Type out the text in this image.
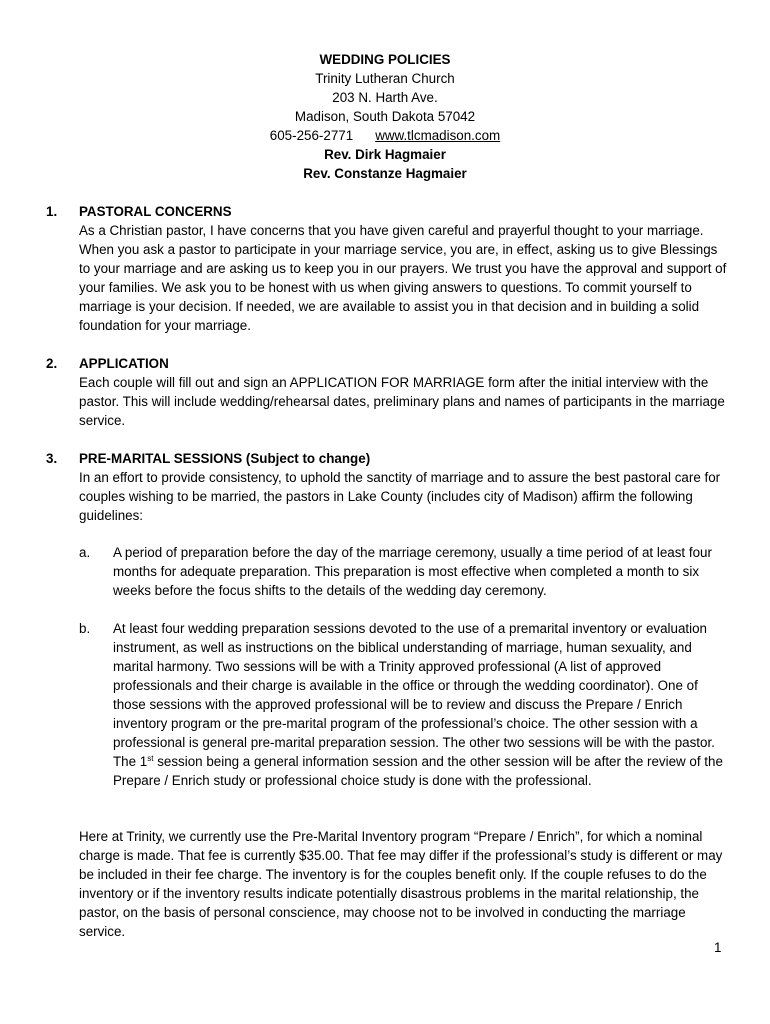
WEDDING POLICIES
Trinity Lutheran Church
203 N. Harth Ave.
Madison, South Dakota 57042
605-256-2771 www.tlcmadison.com
Rev. Dirk Hagmaier
Rev. Constanze Hagmaier
1. PASTORAL CONCERNS
As a Christian pastor, I have concerns that you have given careful and prayerful thought to your marriage. When you ask a pastor to participate in your marriage service, you are, in effect, asking us to give Blessings to your marriage and are asking us to keep you in our prayers. We trust you have the approval and support of your families. We ask you to be honest with us when giving answers to questions. To commit yourself to marriage is your decision. If needed, we are available to assist you in that decision and in building a solid foundation for your marriage.
2. APPLICATION
Each couple will fill out and sign an APPLICATION FOR MARRIAGE form after the initial interview with the pastor. This will include wedding/rehearsal dates, preliminary plans and names of participants in the marriage service.
3. PRE-MARITAL SESSIONS (Subject to change)
In an effort to provide consistency, to uphold the sanctity of marriage and to assure the best pastoral care for couples wishing to be married, the pastors in Lake County (includes city of Madison) affirm the following guidelines:
a. A period of preparation before the day of the marriage ceremony, usually a time period of at least four months for adequate preparation. This preparation is most effective when completed a month to six weeks before the focus shifts to the details of the wedding day ceremony.
b. At least four wedding preparation sessions devoted to the use of a premarital inventory or evaluation instrument, as well as instructions on the biblical understanding of marriage, human sexuality, and marital harmony. Two sessions will be with a Trinity approved professional (A list of approved professionals and their charge is available in the office or through the wedding coordinator). One of those sessions with the approved professional will be to review and discuss the Prepare / Enrich inventory program or the pre-marital program of the professional’s choice. The other session with a professional is general pre-marital preparation session. The other two sessions will be with the pastor. The 1st session being a general information session and the other session will be after the review of the Prepare / Enrich study or professional choice study is done with the professional.
Here at Trinity, we currently use the Pre-Marital Inventory program “Prepare / Enrich”, for which a nominal charge is made. That fee is currently $35.00. That fee may differ if the professional’s study is different or may be included in their fee charge. The inventory is for the couples benefit only. If the couple refuses to do the inventory or if the inventory results indicate potentially disastrous problems in the marital relationship, the pastor, on the basis of personal conscience, may choose not to be involved in conducting the marriage service.
1
